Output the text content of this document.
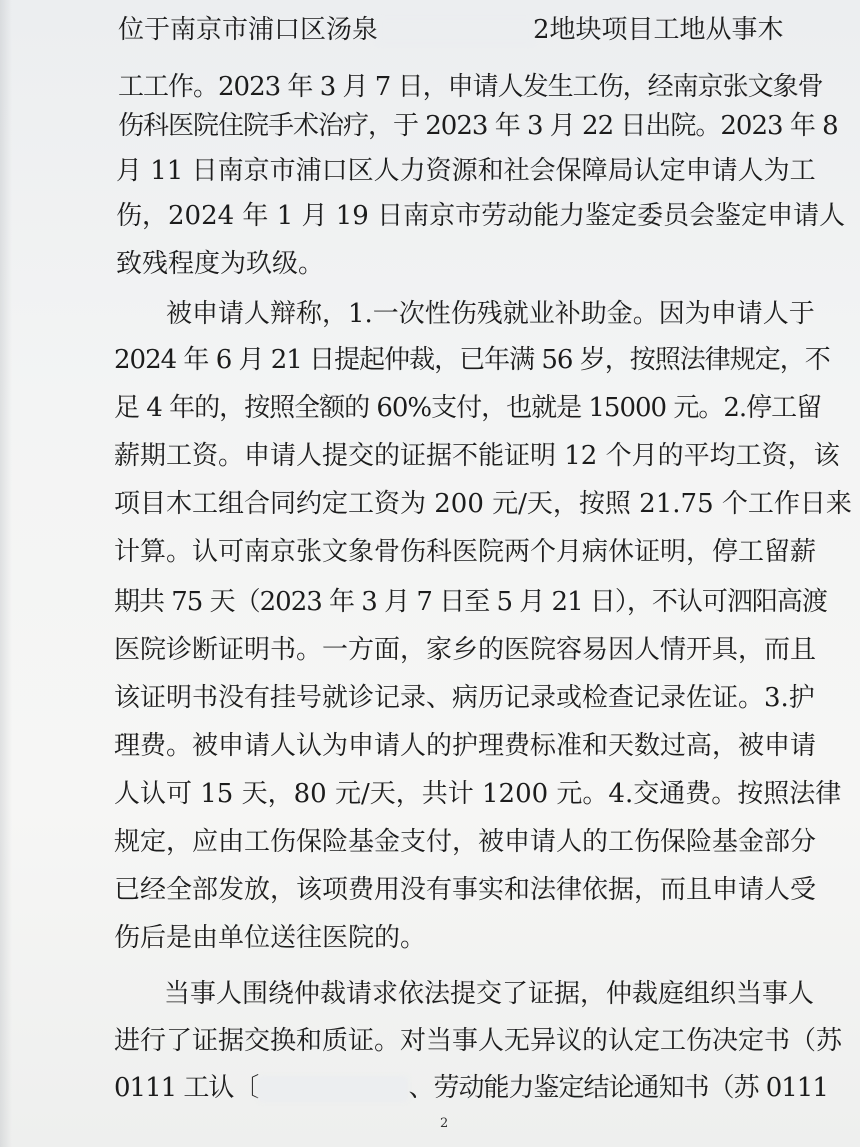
位于南京市浦口区汤泉	2地块项目工地从事木
工工作。2023 年 3 月 7 日，申请人发生工伤，经南京张文象骨
伤科医院住院手术治疗，于 2023 年 3 月 22 日出院。2023 年 8
月 11 日南京市浦口区人力资源和社会保障局认定申请人为工
伤，2024 年 1 月 19 日南京市劳动能力鉴定委员会鉴定申请人
致残程度为玖级。
被申请人辩称，1.一次性伤残就业补助金。因为申请人于
2024 年 6 月 21 日提起仲裁，已年满 56 岁，按照法律规定，不
足 4 年的，按照全额的 60%支付，也就是 15000 元。2.停工留
薪期工资。申请人提交的证据不能证明 12 个月的平均工资，该
项目木工组合同约定工资为 200 元/天，按照 21.75 个工作日来
计算。认可南京张文象骨伤科医院两个月病休证明，停工留薪
期共 75 天（2023 年 3 月 7 日至 5 月 21 日），不认可泗阳高渡
医院诊断证明书。一方面，家乡的医院容易因人情开具，而且
该证明书没有挂号就诊记录、病历记录或检查记录佐证。3.护
理费。被申请人认为申请人的护理费标准和天数过高，被申请
人认可 15 天，80 元/天，共计 1200 元。4.交通费。按照法律
规定，应由工伤保险基金支付，被申请人的工伤保险基金部分
已经全部发放，该项费用没有事实和法律依据，而且申请人受
伤后是由单位送往医院的。
当事人围绕仲裁请求依法提交了证据，仲裁庭组织当事人
进行了证据交换和质证。对当事人无异议的认定工伤决定书（苏
0111 工认〔	、劳动能力鉴定结论通知书（苏 0111
2
